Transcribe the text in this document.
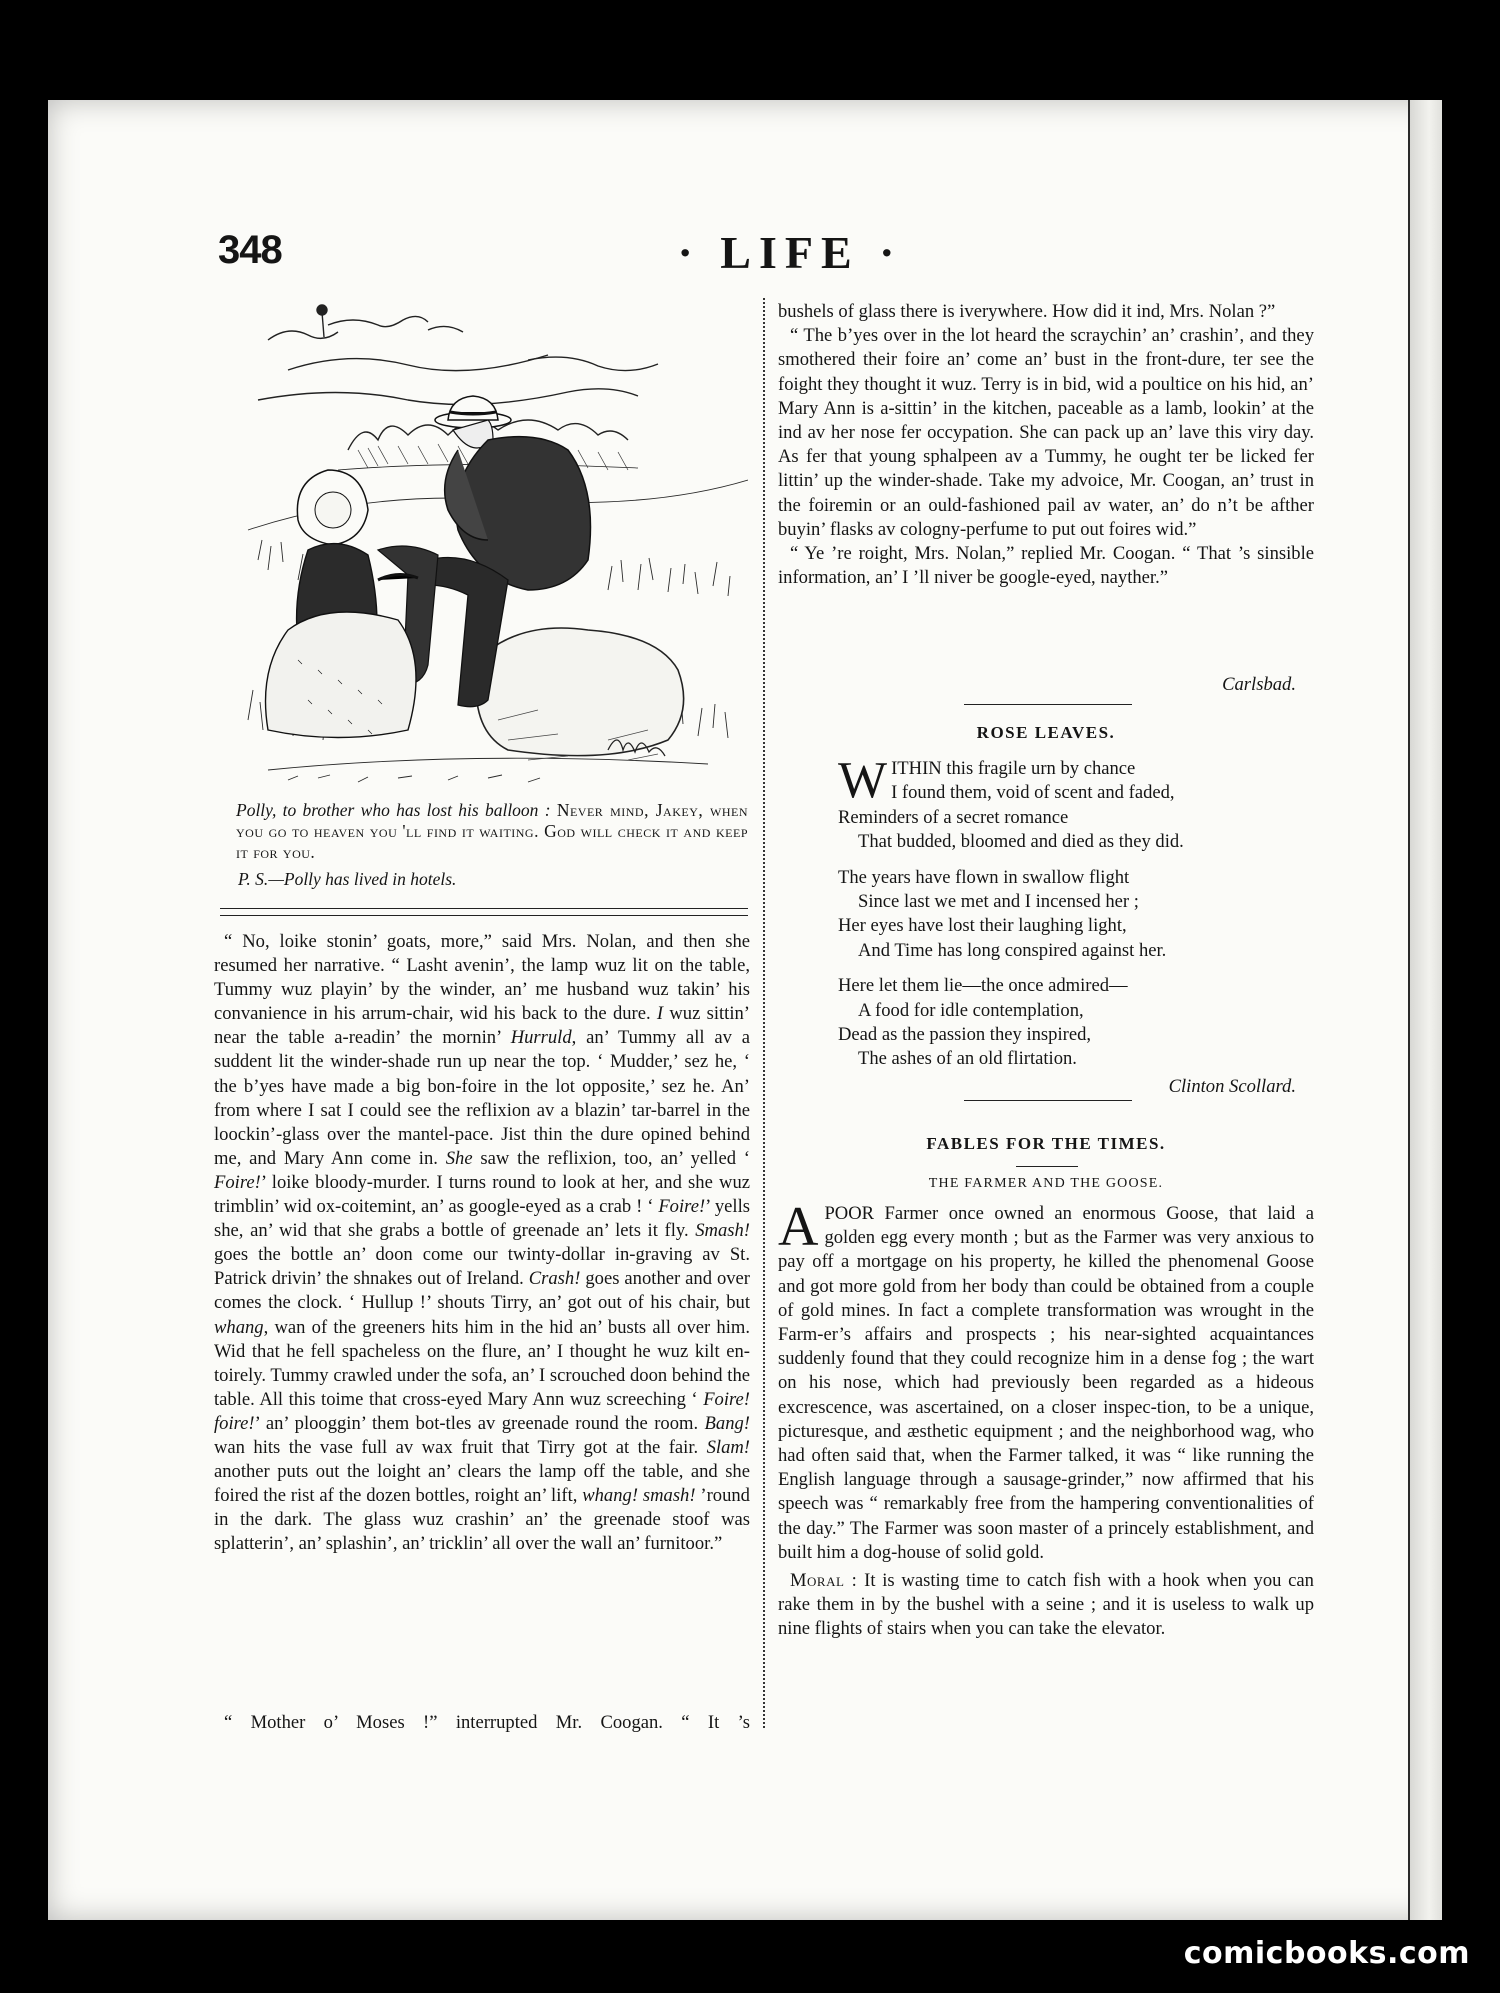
348	· LIFE ·

Polly, to brother who has lost his balloon : Never mind, Jakey, when you go to heaven you 'll find it waiting. God will check it and keep it for you.

P. S.—Polly has lived in hotels.

“ No, loike stonin’ goats, more,” said Mrs. Nolan, and then she resumed her narrative. “ Lasht avenin’, the lamp wuz lit on the table, Tummy wuz playin’ by the winder, an’ me husband wuz takin’ his convanience in his arrum-chair, wid his back to the dure. I wuz sittin’ near the table a-readin’ the mornin’ Hurruld, an’ Tummy all av a suddent lit the winder-shade run up near the top. ‘ Mudder,’ sez he, ‘ the b’yes have made a big bon-foire in the lot opposite,’ sez he. An’ from where I sat I could see the reflixion av a blazin’ tar-barrel in the loockin’-glass over the mantel-pace. Jist thin the dure opined behind me, and Mary Ann come in. She saw the reflixion, too, an’ yelled ‘ Foire!’ loike bloody-murder. I turns round to look at her, and she wuz trimblin’ wid ox-coitemint, an’ as google-eyed as a crab ! ‘ Foire!’ yells she, an’ wid that she grabs a bottle of greenade an’ lets it fly. Smash! goes the bottle an’ doon come our twinty-dollar in-graving av St. Patrick drivin’ the shnakes out of Ireland. Crash! goes another and over comes the clock. ‘ Hullup !’ shouts Tirry, an’ got out of his chair, but whang, wan of the greeners hits him in the hid an’ busts all over him. Wid that he fell spacheless on the flure, an’ I thought he wuz kilt en-toirely. Tummy crawled under the sofa, an’ I scrouched doon behind the table. All this toime that cross-eyed Mary Ann wuz screeching ‘ Foire! foire!’ an’ plooggin’ them bot-tles av greenade round the room. Bang! wan hits the vase full av wax fruit that Tirry got at the fair. Slam! another puts out the loight an’ clears the lamp off the table, and she foired the rist af the dozen bottles, roight an’ lift, whang! smash! ’round in the dark. The glass wuz crashin’ an’ the greenade stoof was splatterin’, an’ splashin’, an’ tricklin’ all over the wall an’ furnitoor.”

“ Mother o’ Moses !” interrupted Mr. Coogan. “ It ’s

bushels of glass there is iverywhere. How did it ind, Mrs. Nolan ?”

“ The b’yes over in the lot heard the scraychin’ an’ crashin’, and they smothered their foire an’ come an’ bust in the front-dure, ter see the foight they thought it wuz. Terry is in bid, wid a poultice on his hid, an’ Mary Ann is a-sittin’ in the kitchen, paceable as a lamb, lookin’ at the ind av her nose fer occypation. She can pack up an’ lave this viry day. As fer that young sphalpeen av a Tummy, he ought ter be licked fer littin’ up the winder-shade. Take my advoice, Mr. Coogan, an’ trust in the foiremin or an ould-fashioned pail av water, an’ do n’t be afther buyin’ flasks av cologny-perfume to put out foires wid.”

“ Ye ’re roight, Mrs. Nolan,” replied Mr. Coogan. “ That ’s sinsible information, an’ I ’ll niver be google-eyed, nayther.”

Carlsbad.
ROSE LEAVES.
WITHIN this fragile urn by chance
I found them, void of scent and faded,
Reminders of a secret romance
That budded, bloomed and died as they did.
The years have flown in swallow flight
Since last we met and I incensed her ;
Her eyes have lost their laughing light,
And Time has long conspired against her.
Here let them lie—the once admired—
A food for idle contemplation,
Dead as the passion they inspired,
The ashes of an old flirtation.
Clinton Scollard.
FABLES FOR THE TIMES.
THE FARMER AND THE GOOSE.

APOOR Farmer once owned an enormous Goose, that laid a golden egg every month ; but as the Farmer was very anxious to pay off a mortgage on his property, he killed the phenomenal Goose and got more gold from her body than could be obtained from a couple of gold mines. In fact a complete transformation was wrought in the Farm-er’s affairs and prospects ; his near-sighted acquaintances suddenly found that they could recognize him in a dense fog ; the wart on his nose, which had previously been regarded as a hideous excrescence, was ascertained, on a closer inspec-tion, to be a unique, picturesque, and æsthetic equipment ; and the neighborhood wag, who had often said that, when the Farmer talked, it was “ like running the English language through a sausage-grinder,” now affirmed that his speech was “ remarkably free from the hampering conventionalities of the day.” The Farmer was soon master of a princely establishment, and built him a dog-house of solid gold.

Moral : It is wasting time to catch fish with a hook when you can rake them in by the bushel with a seine ; and it is useless to walk up nine flights of stairs when you can take the elevator.

comicbooks.com
